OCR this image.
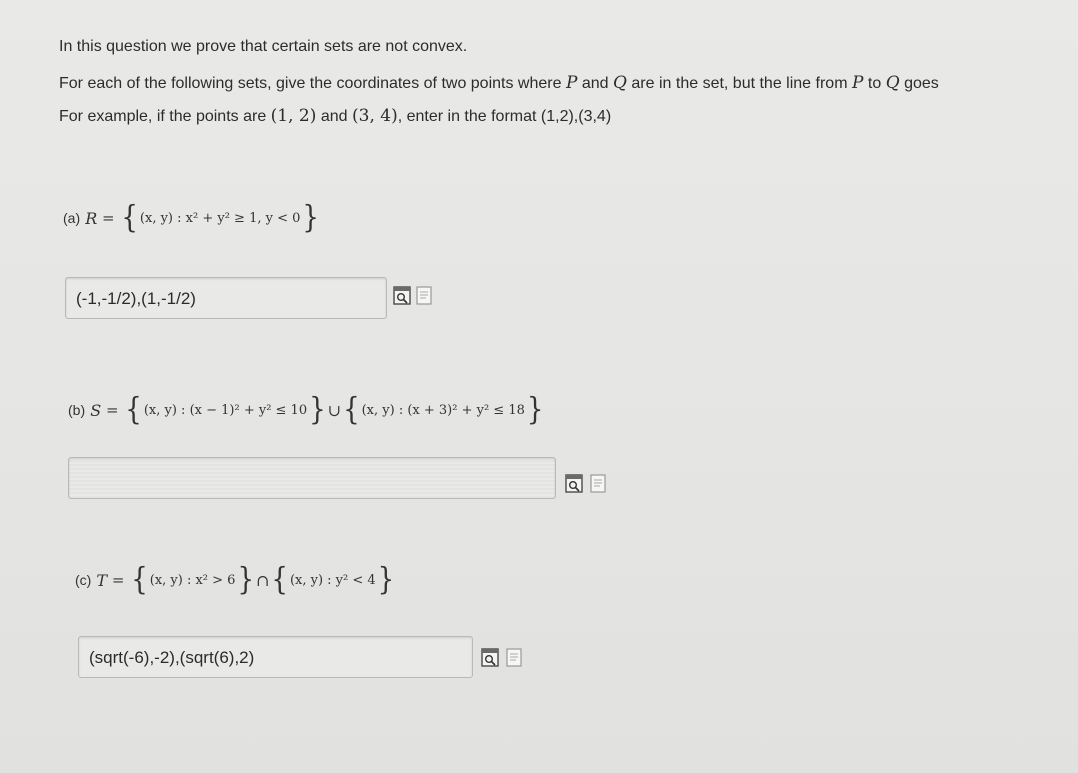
In this question we prove that certain sets are not convex.
For each of the following sets, give the coordinates of two points where P and Q are in the set, but the line from P to Q goes
For example, if the points are (1, 2) and (3, 4), enter in the format (1,2),(3,4)
(a)
R = { (x, y) : x² + y² ≥ 1, y < 0 }
(-1,-1/2),(1,-1/2)
(b)
S = { (x, y) : (x − 1)² + y² ≤ 10 } ∪ { (x, y) : (x + 3)² + y² ≤ 18 }
(c)
T = { (x, y) : x² > 6 } ∩ { (x, y) : y² < 4 }
(sqrt(-6),-2),(sqrt(6),2)
